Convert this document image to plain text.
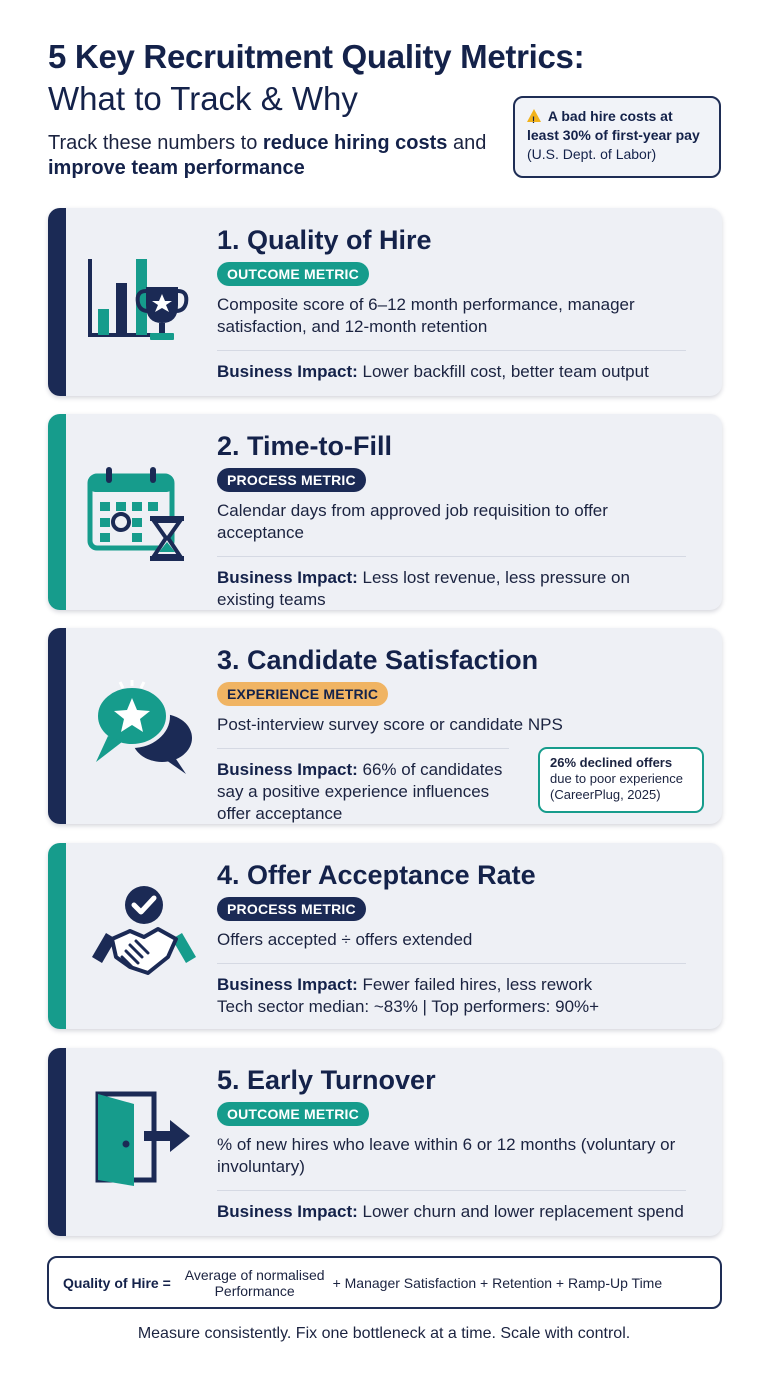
5 Key Recruitment Quality Metrics:
What to Track & Why
Track these numbers to reduce hiring costs and improve team performance
! A bad hire costs at least 30% of first-year pay (U.S. Dept. of Labor)
1. Quality of Hire
OUTCOME METRIC
Composite score of 6–12 month performance, manager satisfaction, and 12-month retention
Business Impact: Lower backfill cost, better team output
2. Time-to-Fill
PROCESS METRIC
Calendar days from approved job requisition to offer acceptance
Business Impact: Less lost revenue, less pressure on existing teams
3. Candidate Satisfaction
EXPERIENCE METRIC
Post-interview survey score or candidate NPS
Business Impact: 66% of candidates say a positive experience influences offer acceptance
26% declined offers due to poor experience (CareerPlug, 2025)
4. Offer Acceptance Rate
PROCESS METRIC
Offers accepted ÷ offers extended
Business Impact: Fewer failed hires, less rework
Tech sector median: ~83% | Top performers: 90%+
5. Early Turnover
OUTCOME METRIC
% of new hires who leave within 6 or 12 months (voluntary or involuntary)
Business Impact: Lower churn and lower replacement spend
Quality of Hire = Average of normalised
Performance	+ Manager Satisfaction + Retention + Ramp-Up Time
Measure consistently. Fix one bottleneck at a time. Scale with control.
